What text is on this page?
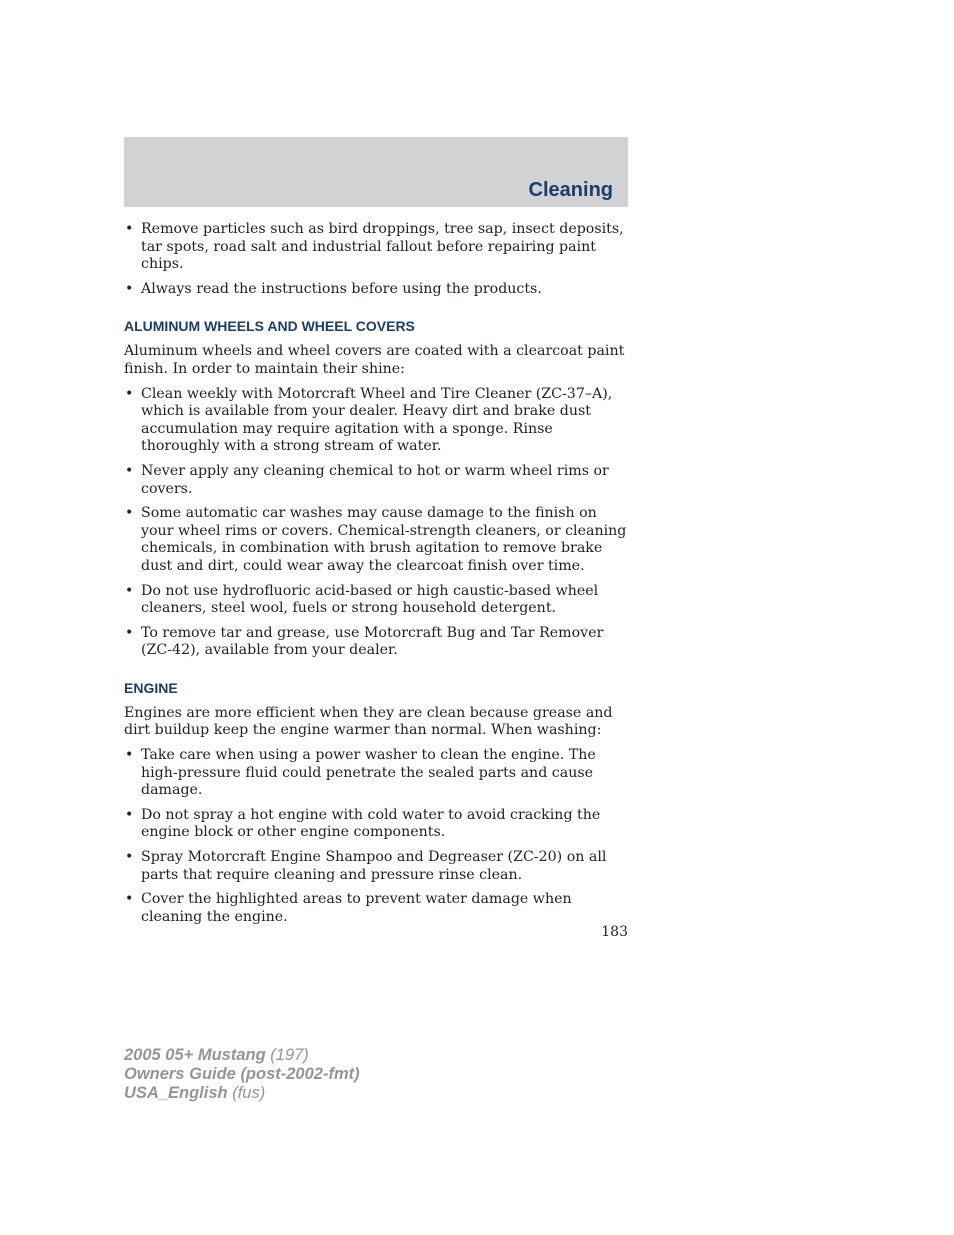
Cleaning
• Remove particles such as bird droppings, tree sap, insect deposits, tar spots, road salt and industrial fallout before repairing paint chips.
• Always read the instructions before using the products.
ALUMINUM WHEELS AND WHEEL COVERS

Aluminum wheels and wheel covers are coated with a clearcoat paint finish. In order to maintain their shine:

• Clean weekly with Motorcraft Wheel and Tire Cleaner (ZC-37–A), which is available from your dealer. Heavy dirt and brake dust accumulation may require agitation with a sponge. Rinse thoroughly with a strong stream of water.
• Never apply any cleaning chemical to hot or warm wheel rims or covers.
• Some automatic car washes may cause damage to the finish on your wheel rims or covers. Chemical-strength cleaners, or cleaning chemicals, in combination with brush agitation to remove brake dust and dirt, could wear away the clearcoat finish over time.
• Do not use hydrofluoric acid-based or high caustic-based wheel cleaners, steel wool, fuels or strong household detergent.
• To remove tar and grease, use Motorcraft Bug and Tar Remover (ZC-42), available from your dealer.
ENGINE

Engines are more efficient when they are clean because grease and dirt buildup keep the engine warmer than normal. When washing:

• Take care when using a power washer to clean the engine. The high-pressure fluid could penetrate the sealed parts and cause damage.
• Do not spray a hot engine with cold water to avoid cracking the engine block or other engine components.
• Spray Motorcraft Engine Shampoo and Degreaser (ZC-20) on all parts that require cleaning and pressure rinse clean.
• Cover the highlighted areas to prevent water damage when cleaning the engine.
183
2005 05+ Mustang (197)
Owners Guide (post-2002-fmt)
USA_English (fus)
